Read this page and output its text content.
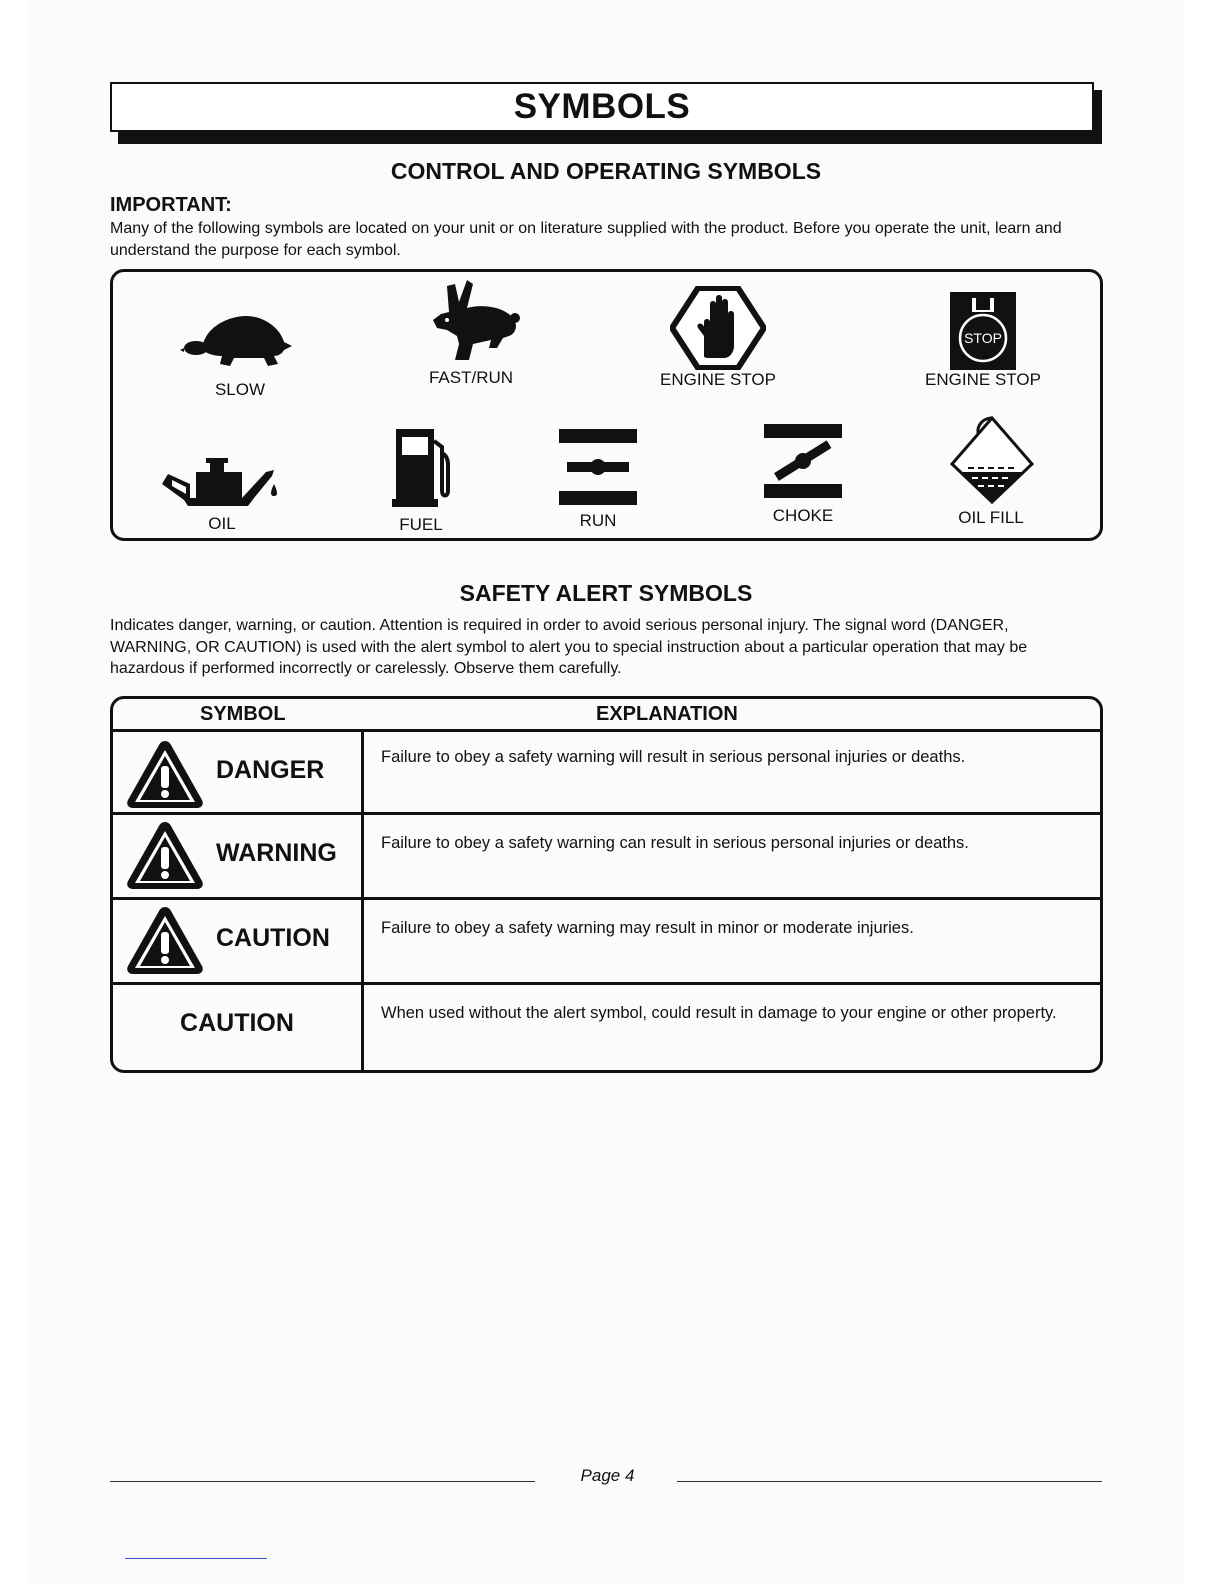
SYMBOLS
CONTROL AND OPERATING SYMBOLS
IMPORTANT:
Many of the following symbols are located on your unit or on literature supplied with the product. Before you operate the unit, learn and understand the purpose for each symbol.
SLOW
FAST/RUN	ENGINE STOP
STOP
ENGINE STOP
OIL	FUEL	RUN	CHOKE	OIL FILL
SAFETY ALERT SYMBOLS
Indicates danger, warning, or caution. Attention is required in order to avoid serious personal injury. The signal word (DANGER, WARNING, OR CAUTION) is used with the alert symbol to alert you to special instruction about a particular operation that may be hazardous if performed incorrectly or carelessly. Observe them carefully.
SYMBOL	EXPLANATION
DANGER	Failure to obey a safety warning will result in serious personal injuries or deaths.
WARNING	Failure to obey a safety warning can result in serious personal injuries or deaths.
CAUTION	Failure to obey a safety warning may result in minor or moderate injuries.
CAUTION	When used without the alert symbol, could result in damage to your engine or other property.
Page 4
